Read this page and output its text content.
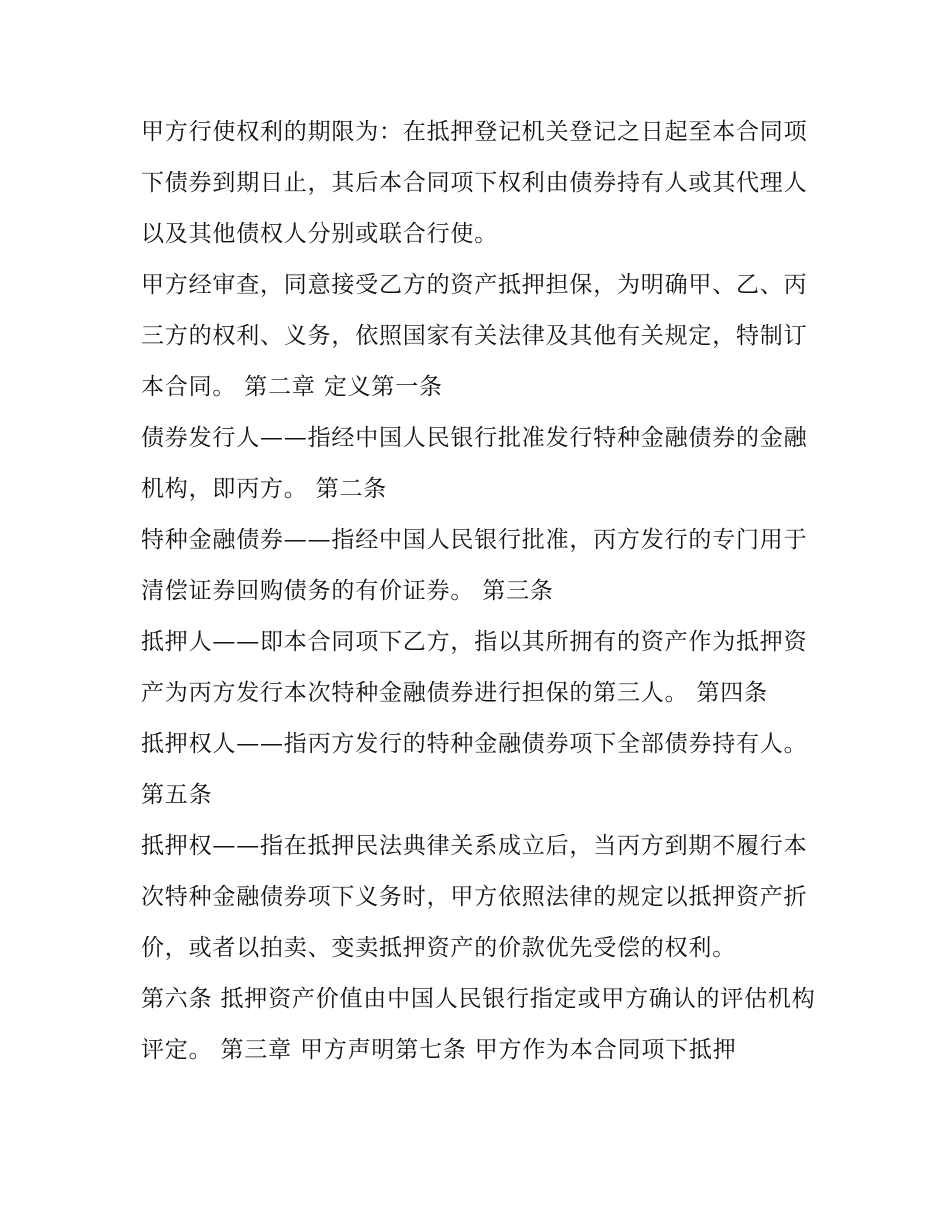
甲方行使权利的期限为：在抵押登记机关登记之日起至本合同项下债券到期日止，其后本合同项下权利由债券持有人或其代理人以及其他债权人分别或联合行使。

甲方经审查，同意接受乙方的资产抵押担保，为明确甲、乙、丙三方的权利、义务，依照国家有关法律及其他有关规定，特制订本合同。 第二章 定义第一条

债券发行人——指经中国人民银行批准发行特种金融债券的金融机构，即丙方。 第二条

特种金融债券——指经中国人民银行批准，丙方发行的专门用于清偿证券回购债务的有价证券。 第三条

抵押人——即本合同项下乙方，指以其所拥有的资产作为抵押资产为丙方发行本次特种金融债券进行担保的第三人。 第四条

抵押权人——指丙方发行的特种金融债券项下全部债券持有人。 第五条

抵押权——指在抵押民法典律关系成立后，当丙方到期不履行本次特种金融债券项下义务时，甲方依照法律的规定以抵押资产折价，或者以拍卖、变卖抵押资产的价款优先受偿的权利。

第六条 抵押资产价值由中国人民银行指定或甲方确认的评估机构评定。 第三章 甲方声明第七条 甲方作为本合同项下抵押
